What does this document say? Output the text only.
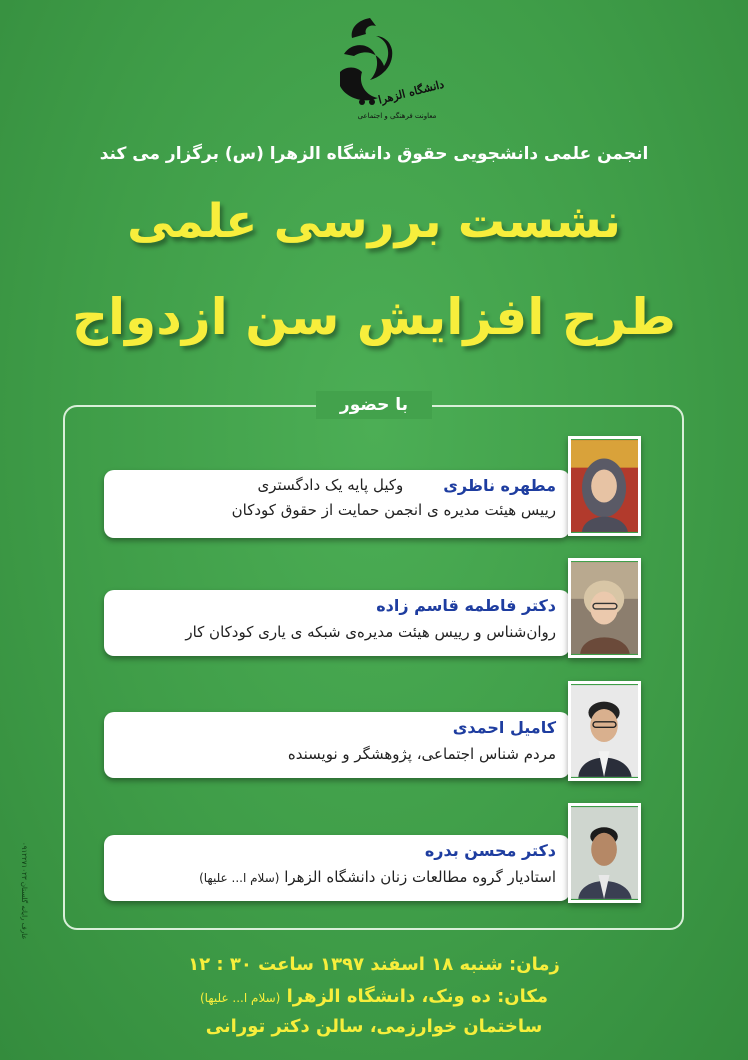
دانشگاه الزهرا
معاونت فرهنگی و اجتماعی
انجمن علمی دانشجویی حقوق دانشگاه الزهرا (س) برگزار می کند
نشست بررسی علمی
طرح افزایش سن ازدواج
با حضور
مطهره ناظری
وکیل پایه یک دادگستری
رییس هیئت مدیره ی انجمن حمایت از حقوق کودکان
دکتر فاطمه قاسم زاده
روان‌شناس و رییس هیئت مدیره‌ی شبکه ی یاری کودکان کار
کامیل احمدی
مردم شناس اجتماعی، پژوهشگر و نویسنده
دکتر محسن بدره
استادیار گروه مطالعات زنان دانشگاه الزهرا (سلام ا... علیها)
زمان: شنبه ۱۸ اسفند ۱۳۹۷ ساعت ۳۰ : ۱۲
مکان: ده ونک، دانشگاه الزهرا (سلام ا... علیها)
ساختمان خوارزمی، سالن دکتر تورانی
عارف رایانه گلستان ۰۹۱۲۲۷۱۰۲۳
